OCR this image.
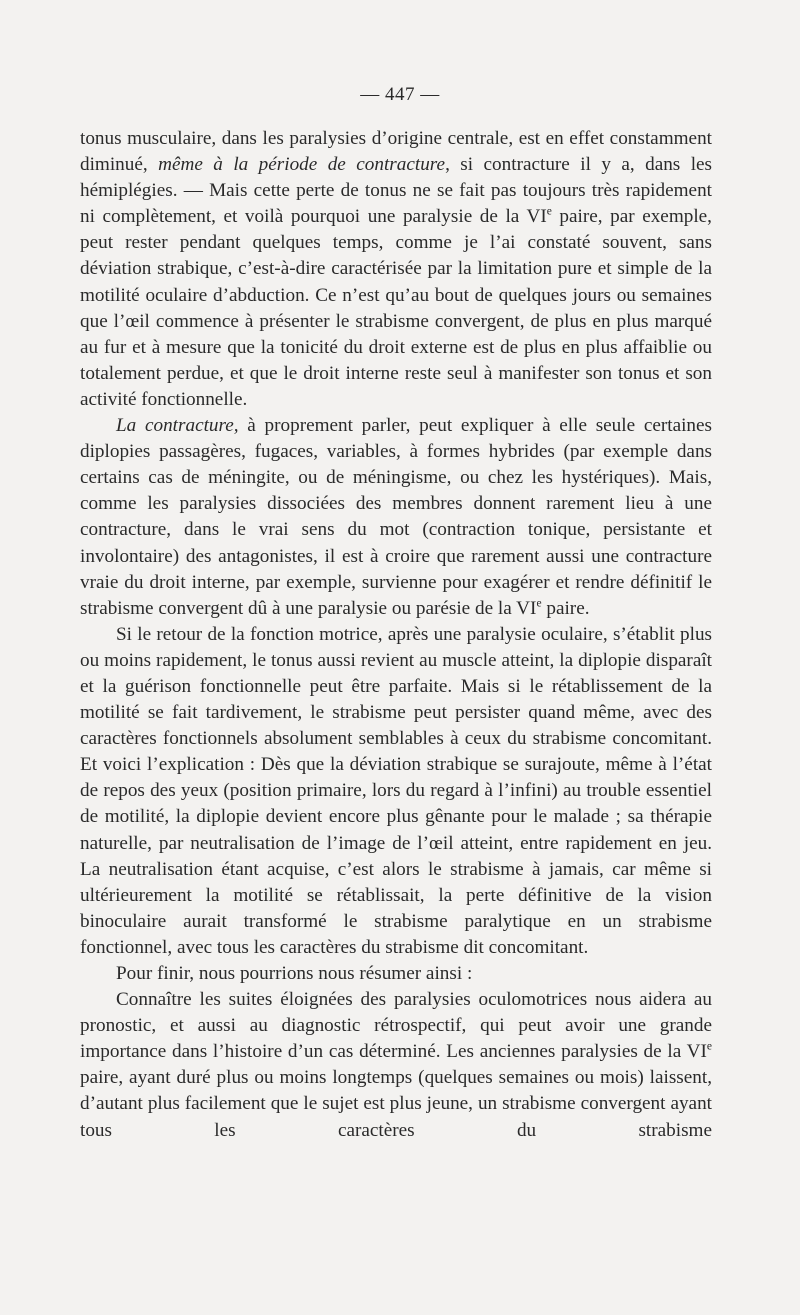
— 447 —

tonus musculaire, dans les paralysies d’origine centrale, est en effet constamment diminué, même à la période de contracture, si contracture il y a, dans les hémiplégies. — Mais cette perte de tonus ne se fait pas toujours très rapidement ni complètement, et voilà pourquoi une paralysie de la VIe paire, par exemple, peut rester pendant quelques temps, comme je l’ai constaté souvent, sans déviation strabique, c’est-à-dire caractérisée par la limitation pure et simple de la motilité oculaire d’abduction. Ce n’est qu’au bout de quelques jours ou semaines que l’œil commence à présenter le strabisme convergent, de plus en plus marqué au fur et à mesure que la tonicité du droit externe est de plus en plus affaiblie ou totalement perdue, et que le droit interne reste seul à manifester son tonus et son activité fonctionnelle.

La contracture, à proprement parler, peut expliquer à elle seule certaines diplopies passagères, fugaces, variables, à formes hybrides (par exemple dans certains cas de méningite, ou de méningisme, ou chez les hystériques). Mais, comme les paralysies dissociées des membres donnent rarement lieu à une contracture, dans le vrai sens du mot (contraction tonique, persistante et involontaire) des antagonistes, il est à croire que rarement aussi une contracture vraie du droit interne, par exemple, survienne pour exagérer et rendre définitif le strabisme convergent dû à une paralysie ou parésie de la VIe paire.

Si le retour de la fonction motrice, après une paralysie oculaire, s’établit plus ou moins rapidement, le tonus aussi revient au muscle atteint, la diplopie disparaît et la guérison fonctionnelle peut être parfaite. Mais si le rétablissement de la motilité se fait tardivement, le strabisme peut persister quand même, avec des caractères fonctionnels absolument semblables à ceux du strabisme concomitant. Et voici l’explication : Dès que la déviation strabique se surajoute, même à l’état de repos des yeux (position primaire, lors du regard à l’infini) au trouble essentiel de motilité, la diplopie devient encore plus gênante pour le malade ; sa thérapie naturelle, par neutralisation de l’image de l’œil atteint, entre rapidement en jeu. La neutralisation étant acquise, c’est alors le strabisme à jamais, car même si ultérieurement la motilité se rétablissait, la perte définitive de la vision binoculaire aurait transformé le strabisme paralytique en un strabisme fonctionnel, avec tous les caractères du strabisme dit concomitant.

Pour finir, nous pourrions nous résumer ainsi :

Connaître les suites éloignées des paralysies oculomotrices nous aidera au pronostic, et aussi au diagnostic rétrospectif, qui peut avoir une grande importance dans l’histoire d’un cas déterminé. Les anciennes paralysies de la VIe paire, ayant duré plus ou moins longtemps (quelques semaines ou mois) laissent, d’autant plus facilement que le sujet est plus jeune, un strabisme convergent ayant tous les caractères du strabisme
